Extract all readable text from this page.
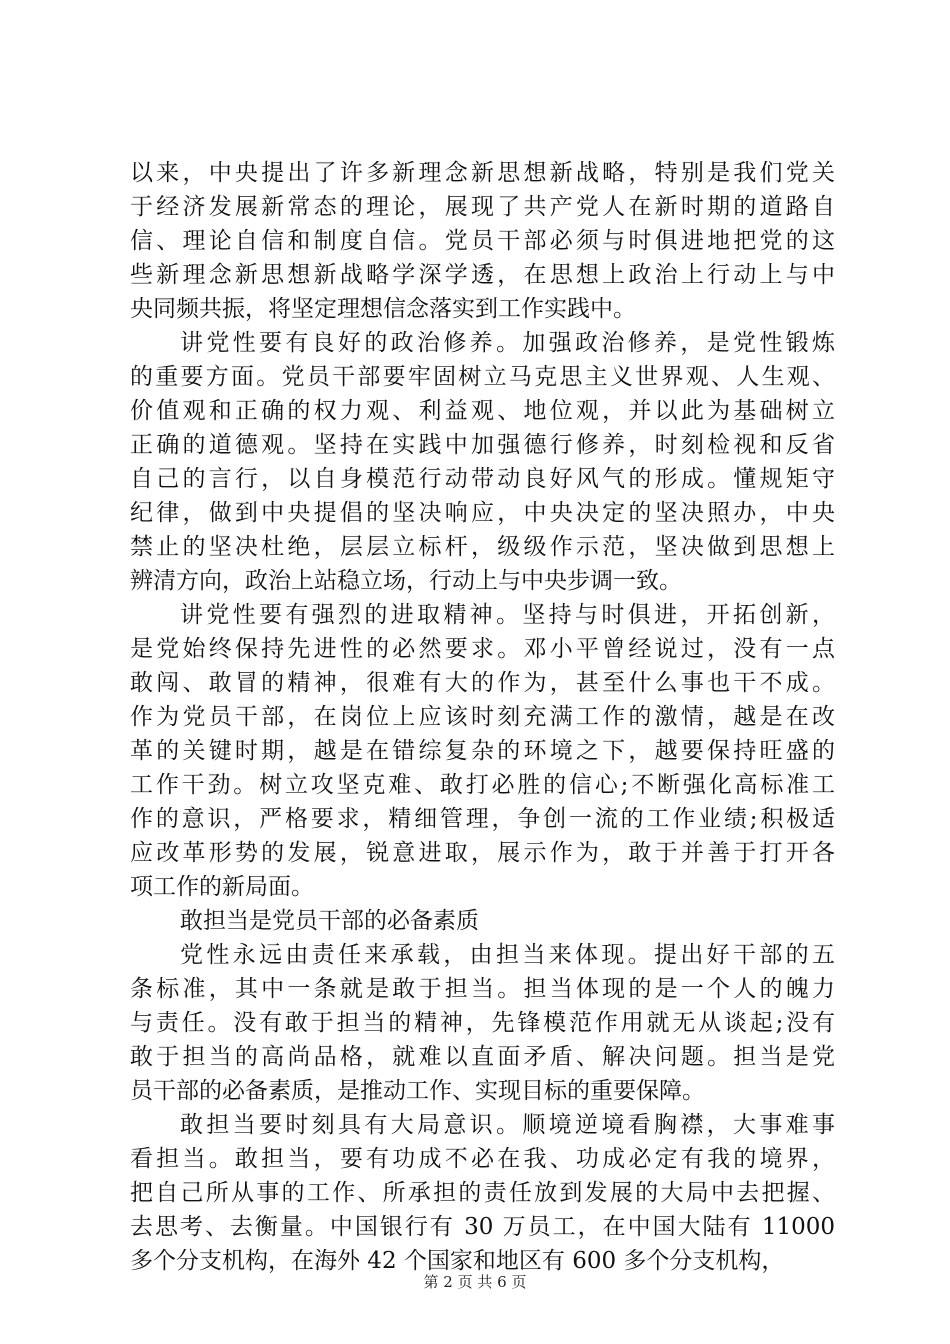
以来，中央提出了许多新理念新思想新战略，特别是我们党关
于经济发展新常态的理论，展现了共产党人在新时期的道路自
信、理论自信和制度自信。党员干部必须与时俱进地把党的这
些新理念新思想新战略学深学透，在思想上政治上行动上与中
央同频共振，将坚定理想信念落实到工作实践中。
讲党性要有良好的政治修养。加强政治修养，是党性锻炼
的重要方面。党员干部要牢固树立马克思主义世界观、人生观、
价值观和正确的权力观、利益观、地位观，并以此为基础树立
正确的道德观。坚持在实践中加强德行修养，时刻检视和反省
自己的言行，以自身模范行动带动良好风气的形成。懂规矩守
纪律，做到中央提倡的坚决响应，中央决定的坚决照办，中央
禁止的坚决杜绝，层层立标杆，级级作示范，坚决做到思想上
辨清方向，政治上站稳立场，行动上与中央步调一致。
讲党性要有强烈的进取精神。坚持与时俱进，开拓创新，
是党始终保持先进性的必然要求。邓小平曾经说过，没有一点
敢闯、敢冒的精神，很难有大的作为，甚至什么事也干不成。
作为党员干部，在岗位上应该时刻充满工作的激情，越是在改
革的关键时期，越是在错综复杂的环境之下，越要保持旺盛的
工作干劲。树立攻坚克难、敢打必胜的信心;不断强化高标准工
作的意识，严格要求，精细管理，争创一流的工作业绩;积极适
应改革形势的发展，锐意进取，展示作为，敢于并善于打开各
项工作的新局面。
敢担当是党员干部的必备素质
党性永远由责任来承载，由担当来体现。提出好干部的五
条标准，其中一条就是敢于担当。担当体现的是一个人的魄力
与责任。没有敢于担当的精神，先锋模范作用就无从谈起;没有
敢于担当的高尚品格，就难以直面矛盾、解决问题。担当是党
员干部的必备素质，是推动工作、实现目标的重要保障。
敢担当要时刻具有大局意识。顺境逆境看胸襟，大事难事
看担当。敢担当，要有功成不必在我、功成必定有我的境界，
把自己所从事的工作、所承担的责任放到发展的大局中去把握、
去思考、去衡量。中国银行有 30 万员工，在中国大陆有 11000
多个分支机构，在海外 42 个国家和地区有 600 多个分支机构，
第 2 页 共 6 页
